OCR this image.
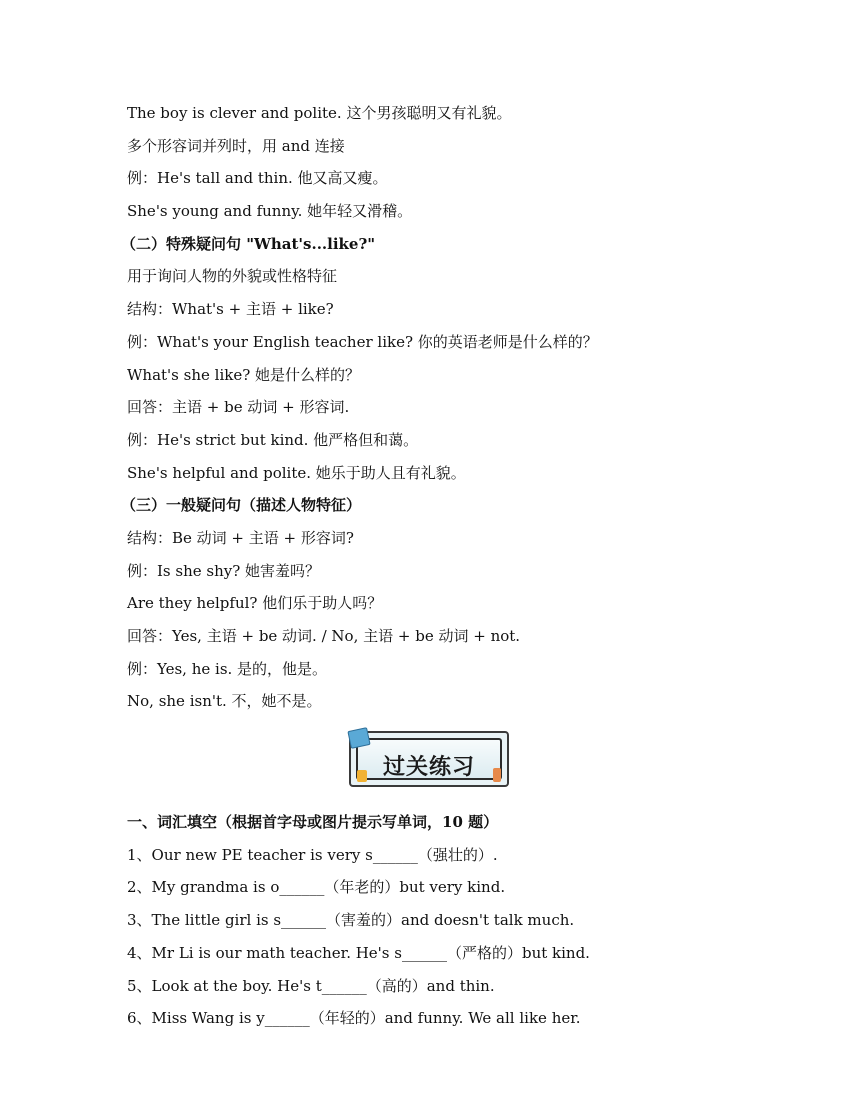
The boy is clever and polite. 这个男孩聪明又有礼貌。
多个形容词并列时，用 and 连接
例：He's tall and thin. 他又高又瘦。
She's young and funny. 她年轻又滑稽。
（二）特殊疑问句 "What's...like?"
用于询问人物的外貌或性格特征
结构：What's + 主语 + like?
例：What's your English teacher like? 你的英语老师是什么样的？
What's she like? 她是什么样的？
回答：主语 + be 动词 + 形容词.
例：He's strict but kind. 他严格但和蔼。
She's helpful and polite. 她乐于助人且有礼貌。
（三）一般疑问句（描述人物特征）
结构：Be 动词 + 主语 + 形容词?
例：Is she shy? 她害羞吗？
Are they helpful? 他们乐于助人吗？
回答：Yes, 主语 + be 动词. / No, 主语 + be 动词 + not.
例：Yes, he is. 是的，他是。
No, she isn't. 不，她不是。
过关练习
一、词汇填空（根据首字母或图片提示写单词，10 题）
1、Our new PE teacher is very s______（强壮的）.
2、My grandma is o______（年老的）but very kind.
3、The little girl is s______（害羞的）and doesn't talk much.
4、Mr Li is our math teacher. He's s______（严格的）but kind.
5、Look at the boy. He's t______（高的）and thin.
6、Miss Wang is y______（年轻的）and funny. We all like her.
